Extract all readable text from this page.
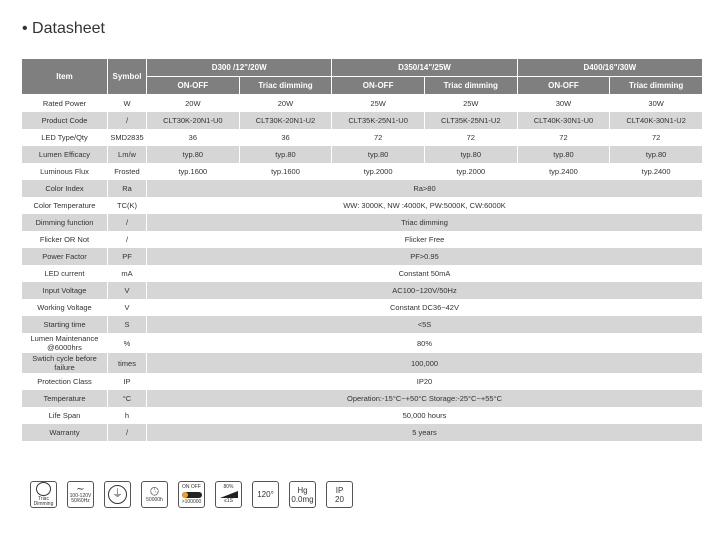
• Datasheet
Item	Symbol	D300 /12"/20W		D350/14"/25W		D400/16"/30W	
		ON-OFF	Triac dimming	ON-OFF	Triac dimming	ON-OFF	Triac dimming
Rated Power	W	20W	20W	25W	25W	30W	30W
Product Code	/	CLT30K-20N1-U0	CLT30K-20N1-U2	CLT35K-25N1-U0	CLT35K-25N1-U2	CLT40K-30N1-U0	CLT40K-30N1-U2
LED Type/Qty	SMD2835	36	36	72	72	72	72
Lumen Efficacy	Lm/w	typ.80	typ.80	typ.80	typ.80	typ.80	typ.80
Luminous Flux	Frosted	typ.1600	typ.1600	typ.2000	typ.2000	typ.2400	typ.2400
Color Index	Ra	Ra>80					
Color Temperature	TC(K)	WW: 3000K, NW :4000K, PW:5000K, CW:6000K					
Dimming function	/	Triac dimming					
Flicker OR Not	/	Flicker Free					
Power Factor	PF	PF>0.95					
LED current	mA	Constant 50mA					
Input Voltage	V	AC100~120V/50Hz					
Working Voltage	V	Constant DC36~42V					
Starting time	S	<5S					
Lumen Maintenance @6000hrs	%	80%					
Swtich cycle before failure	times	100,000					
Protection Class	IP	IP20					
Temperature	°C	Operation:-15°C~+50°C Storage:-25°C~+55°C					
Life Span	h	50,000 hours					
Warranty	/	5 years					
Triac Dimming
∼
100-120V 50/60Hz
⏚	🕓︎
50000h
ON OFF
>100000
80%
≤1S
120°	Hg
0.0mg
IP
20
